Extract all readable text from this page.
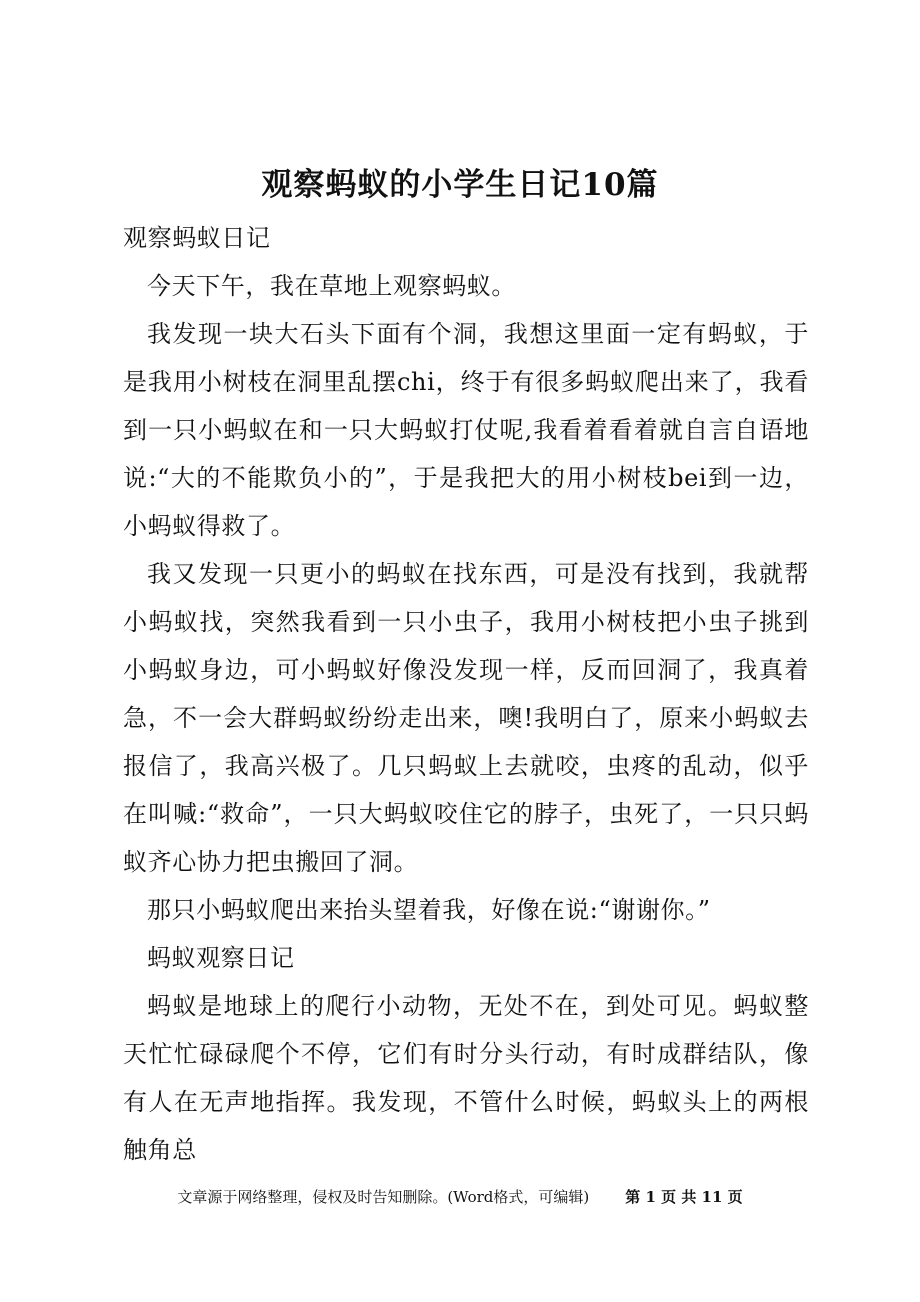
观察蚂蚁的小学生日记10篇

观察蚂蚁日记

今天下午，我在草地上观察蚂蚁。

我发现一块大石头下面有个洞，我想这里面一定有蚂蚁，于是我用小树枝在洞里乱摆chi，终于有很多蚂蚁爬出来了，我看到一只小蚂蚁在和一只大蚂蚁打仗呢,我看着看着就自言自语地说:“大的不能欺负小的”，于是我把大的用小树枝bei到一边，小蚂蚁得救了。

我又发现一只更小的蚂蚁在找东西，可是没有找到，我就帮小蚂蚁找，突然我看到一只小虫子，我用小树枝把小虫子挑到小蚂蚁身边，可小蚂蚁好像没发现一样，反而回洞了，我真着急，不一会大群蚂蚁纷纷走出来，噢!我明白了，原来小蚂蚁去报信了，我高兴极了。几只蚂蚁上去就咬，虫疼的乱动，似乎在叫喊:“救命”，一只大蚂蚁咬住它的脖子，虫死了，一只只蚂蚁齐心协力把虫搬回了洞。

那只小蚂蚁爬出来抬头望着我，好像在说:“谢谢你。”

蚂蚁观察日记

蚂蚁是地球上的爬行小动物，无处不在，到处可见。蚂蚁整天忙忙碌碌爬个不停，它们有时分头行动，有时成群结队，像有人在无声地指挥。我发现，不管什么时候，蚂蚁头上的两根触角总

文章源于网络整理，侵权及时告知删除。(Word格式，可编辑) 第 1 页 共 11 页
